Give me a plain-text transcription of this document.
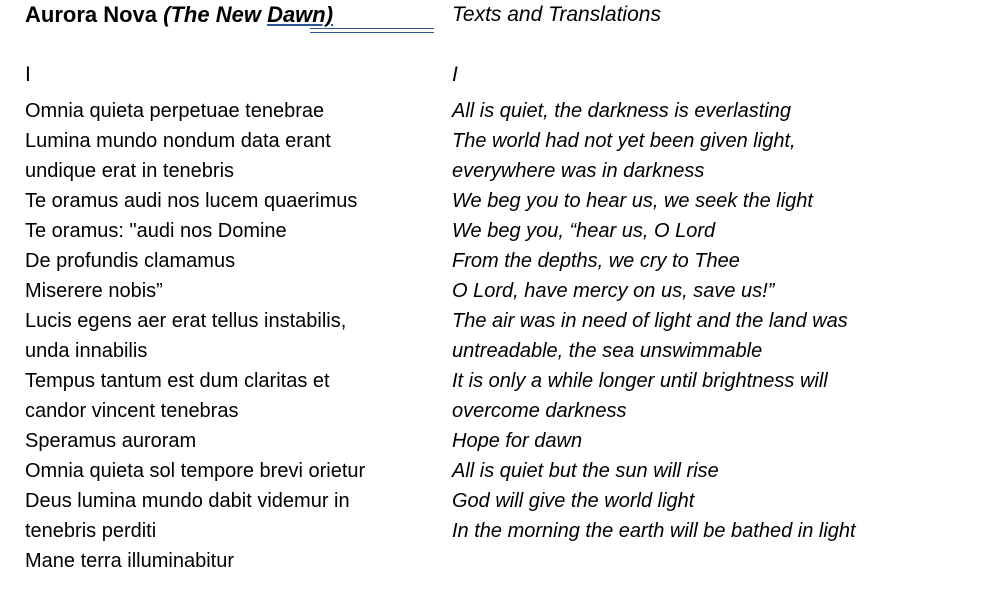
Aurora Nova (The New Dawn)
I
Omnia quieta perpetuae tenebrae
Lumina mundo nondum data erant
undique erat in tenebris
Te oramus audi nos lucem quaerimus
Te oramus: "audi nos Domine
De profundis clamamus
Miserere nobis”
Lucis egens aer erat tellus instabilis,
unda innabilis
Tempus tantum est dum claritas et
candor vincent tenebras
Speramus auroram
Omnia quieta sol tempore brevi orietur
Deus lumina mundo dabit videmur in
tenebris perditi
Mane terra illuminabitur
Texts and Translations
I
All is quiet, the darkness is everlasting
The world had not yet been given light,
everywhere was in darkness
We beg you to hear us, we seek the light
We beg you, “hear us, O Lord
From the depths, we cry to Thee
O Lord, have mercy on us, save us!”
The air was in need of light and the land was
untreadable, the sea unswimmable
It is only a while longer until brightness will
overcome darkness
Hope for dawn
All is quiet but the sun will rise
God will give the world light
In the morning the earth will be bathed in light
